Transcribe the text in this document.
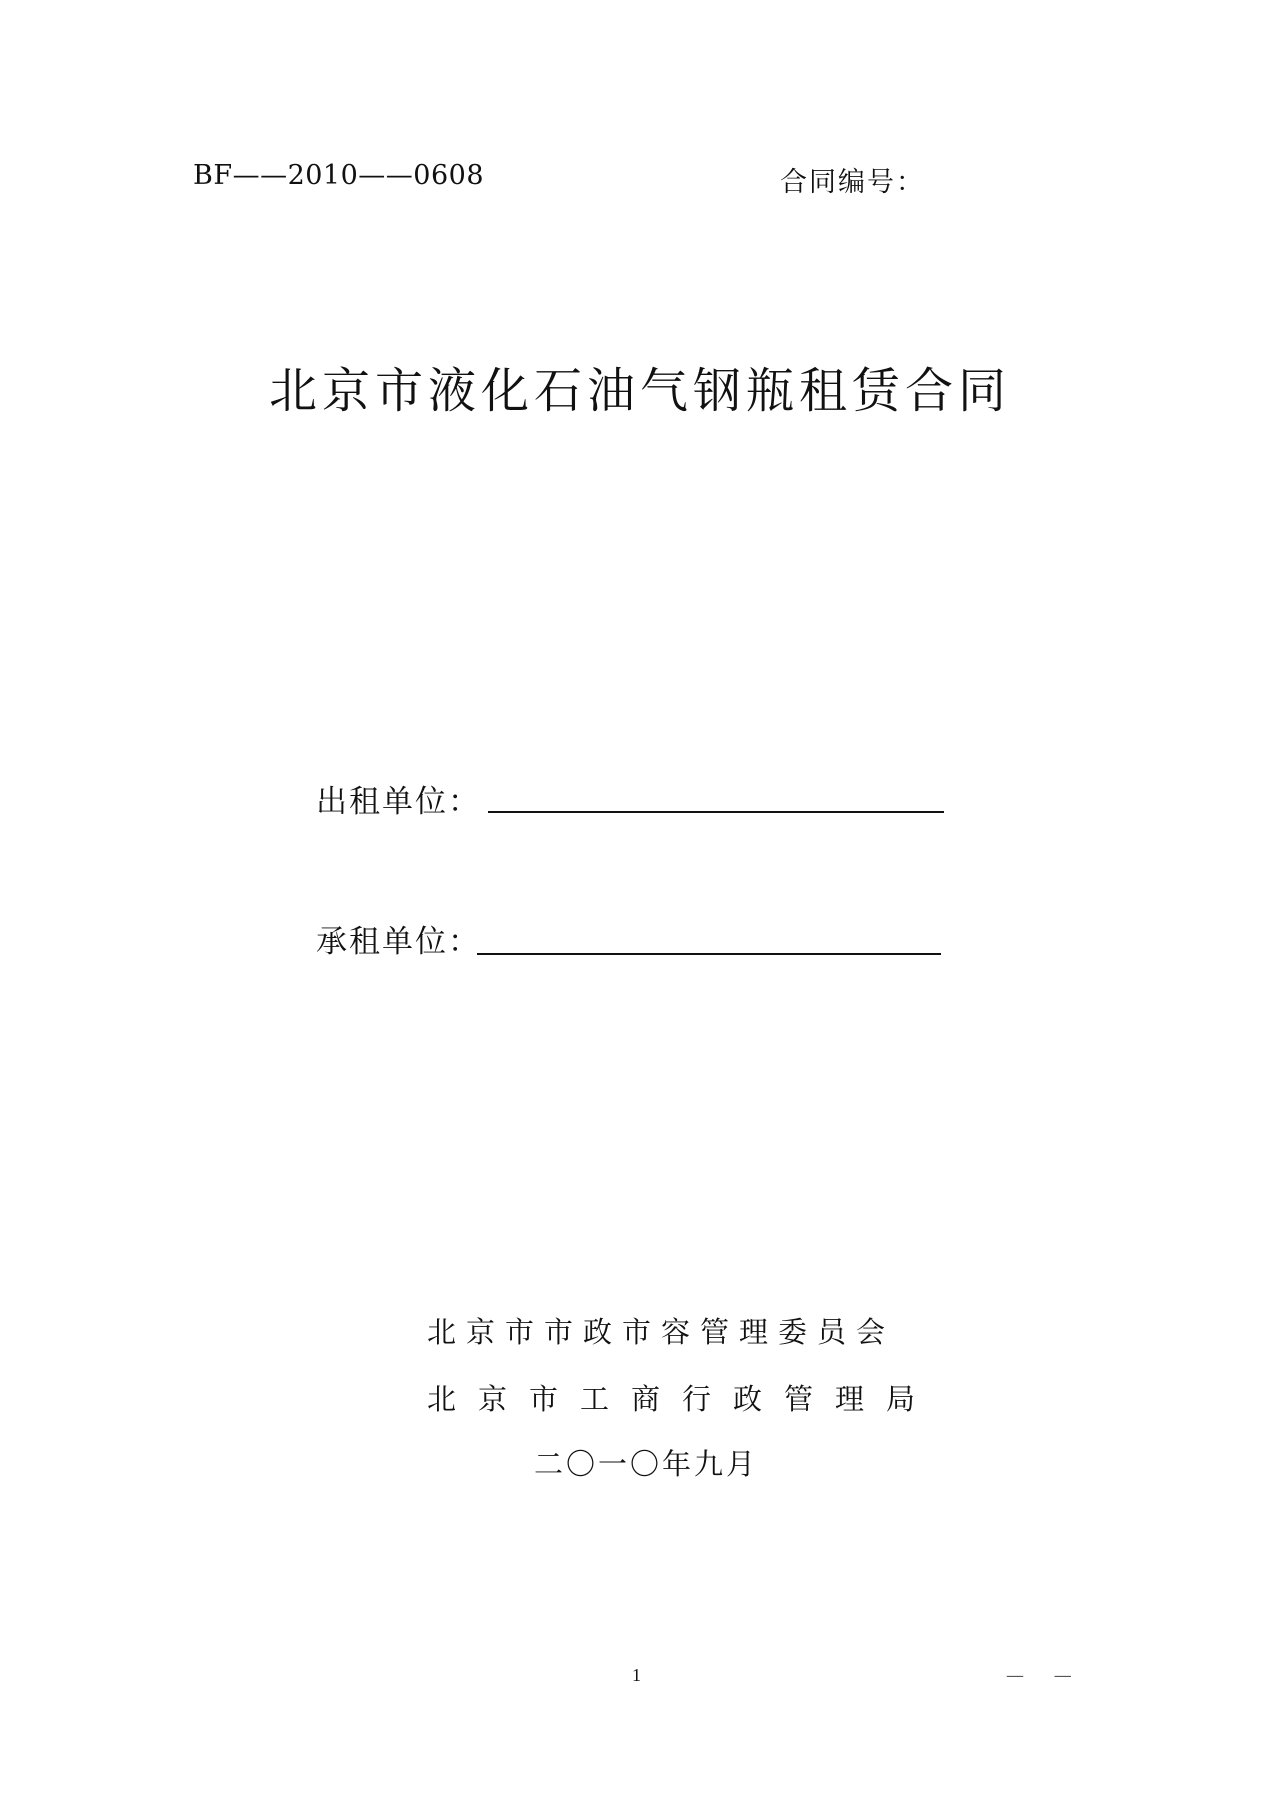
BF——2010——0608	合同编号：
北京市液化石油气钢瓶租赁合同
出租单位：
承租单位：
北京市市政市容管理委员会
北京市工商行政管理局
二〇一〇年九月
1	— —
